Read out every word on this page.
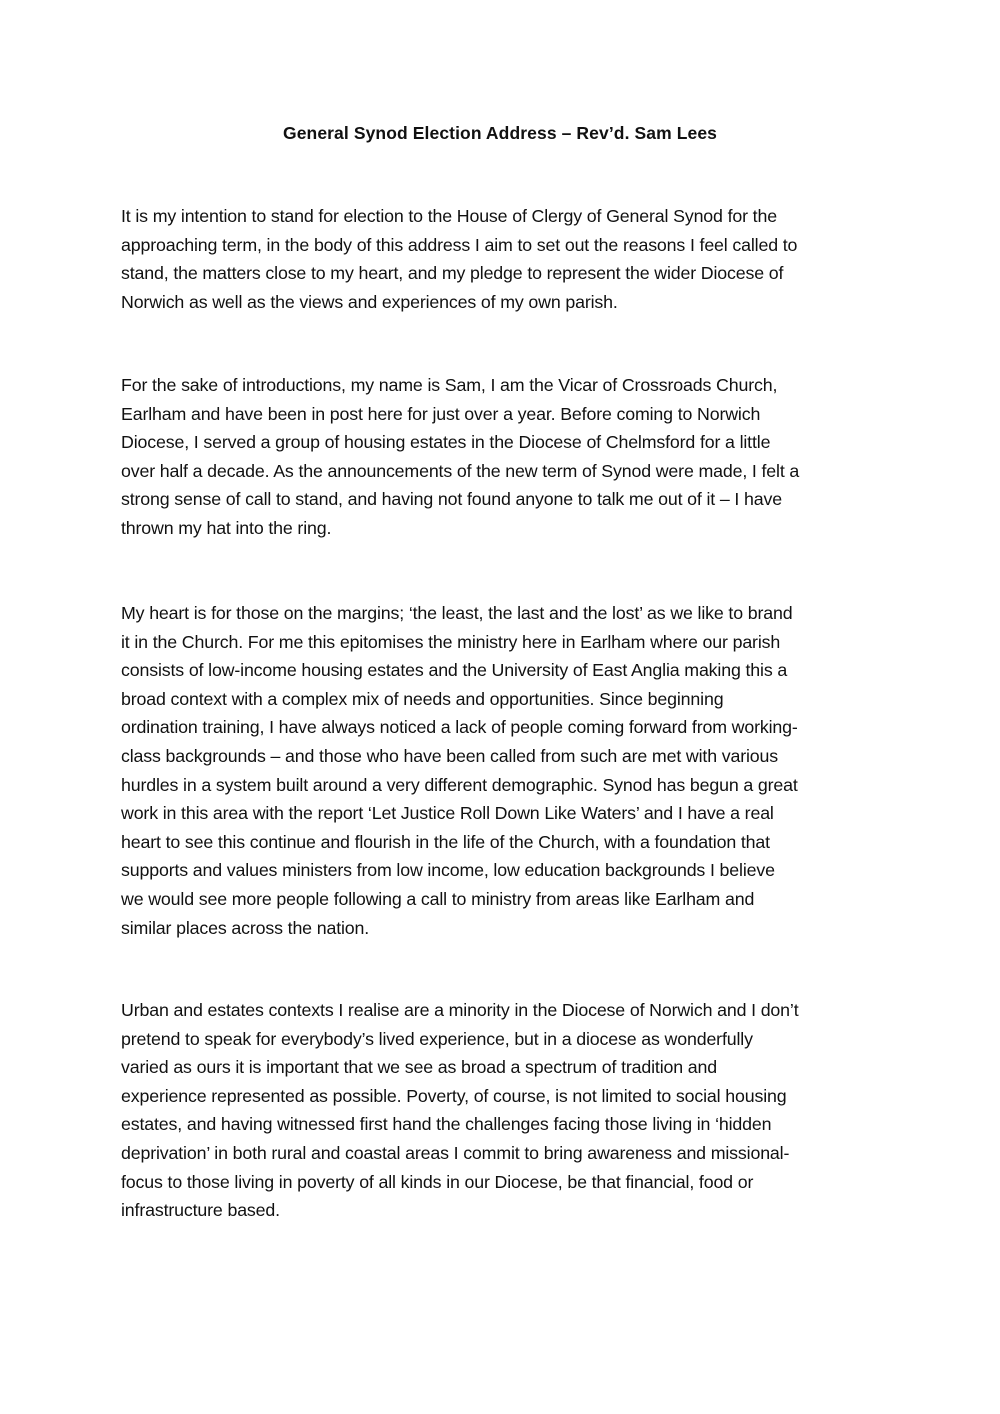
General Synod Election Address – Rev’d. Sam Lees

It is my intention to stand for election to the House of Clergy of General Synod for the
approaching term, in the body of this address I aim to set out the reasons I feel called to
stand, the matters close to my heart, and my pledge to represent the wider Diocese of
Norwich as well as the views and experiences of my own parish.

For the sake of introductions, my name is Sam, I am the Vicar of Crossroads Church,
Earlham and have been in post here for just over a year. Before coming to Norwich
Diocese, I served a group of housing estates in the Diocese of Chelmsford for a little
over half a decade. As the announcements of the new term of Synod were made, I felt a
strong sense of call to stand, and having not found anyone to talk me out of it – I have
thrown my hat into the ring.

My heart is for those on the margins; ‘the least, the last and the lost’ as we like to brand
it in the Church. For me this epitomises the ministry here in Earlham where our parish
consists of low-income housing estates and the University of East Anglia making this a
broad context with a complex mix of needs and opportunities. Since beginning
ordination training, I have always noticed a lack of people coming forward from working-
class backgrounds – and those who have been called from such are met with various
hurdles in a system built around a very different demographic. Synod has begun a great
work in this area with the report ‘Let Justice Roll Down Like Waters’ and I have a real
heart to see this continue and flourish in the life of the Church, with a foundation that
supports and values ministers from low income, low education backgrounds I believe
we would see more people following a call to ministry from areas like Earlham and
similar places across the nation.

Urban and estates contexts I realise are a minority in the Diocese of Norwich and I don’t
pretend to speak for everybody’s lived experience, but in a diocese as wonderfully
varied as ours it is important that we see as broad a spectrum of tradition and
experience represented as possible. Poverty, of course, is not limited to social housing
estates, and having witnessed first hand the challenges facing those living in ‘hidden
deprivation’ in both rural and coastal areas I commit to bring awareness and missional-
focus to those living in poverty of all kinds in our Diocese, be that financial, food or
infrastructure based.
